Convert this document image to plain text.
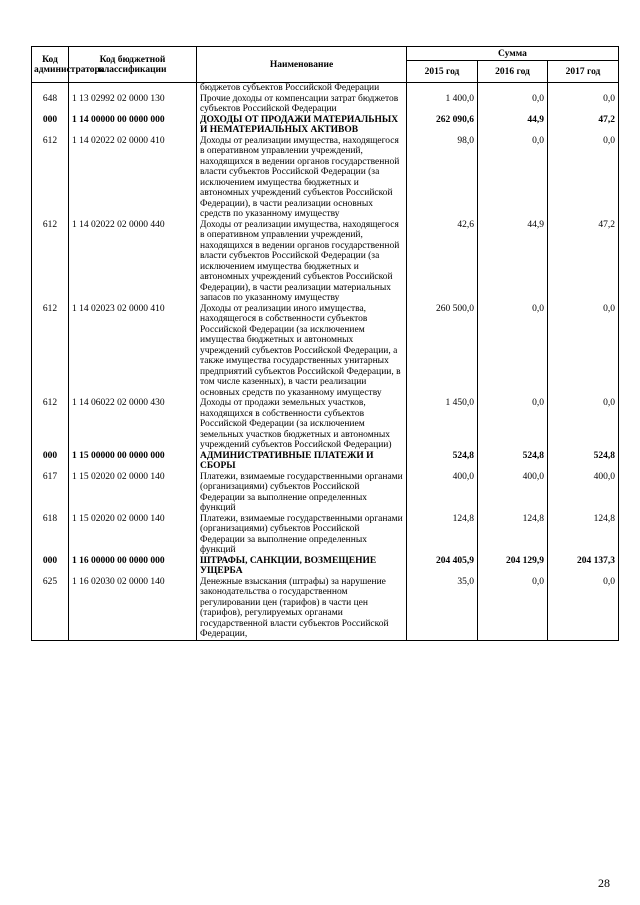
Код администратора	Код бюджетной классификации	Наименование	Сумма		
			2015 год	2016 год	2017 год
		бюджетов субъектов Российской Федерации			
648	1 13 02992 02 0000 130	Прочие доходы от компенсации затрат бюджетов субъектов Российской Федерации	1 400,0	0,0	0,0
000	1 14 00000 00 0000 000	ДОХОДЫ ОТ ПРОДАЖИ МАТЕРИАЛЬНЫХ И НЕМАТЕРИАЛЬНЫХ АКТИВОВ	262 090,6	44,9	47,2
612	1 14 02022 02 0000 410	Доходы от реализации имущества, находящегося в оперативном управлении учреждений, находящихся в ведении органов государственной власти субъектов Российской Федерации (за исключением имущества бюджетных и автономных учреждений субъектов Российской Федерации), в части реализации основных средств по указанному имуществу	98,0	0,0	0,0
612	1 14 02022 02 0000 440	Доходы от реализации имущества, находящегося в оперативном управлении учреждений, находящихся в ведении органов государственной власти субъектов Российской Федерации (за исключением имущества бюджетных и автономных учреждений субъектов Российской Федерации), в части реализации материальных запасов по указанному имуществу	42,6	44,9	47,2
612	1 14 02023 02 0000 410	Доходы от реализации иного имущества, находящегося в собственности субъектов Российской Федерации (за исключением имущества бюджетных и автономных учреждений субъектов Российской Федерации, а также имущества государственных унитарных предприятий субъектов Российской Федерации, в том числе казенных), в части реализации основных средств по указанному имуществу	260 500,0	0,0	0,0
612	1 14 06022 02 0000 430	Доходы от продажи земельных участков, находящихся в собственности субъектов Российской Федерации (за исключением земельных участков бюджетных и автономных учреждений субъектов Российской Федерации)	1 450,0	0,0	0,0
000	1 15 00000 00 0000 000	АДМИНИСТРАТИВНЫЕ ПЛАТЕЖИ И СБОРЫ	524,8	524,8	524,8
617	1 15 02020 02 0000 140	Платежи, взимаемые государственными органами (организациями) субъектов Российской Федерации за выполнение определенных функций	400,0	400,0	400,0
618	1 15 02020 02 0000 140	Платежи, взимаемые государственными органами (организациями) субъектов Российской Федерации за выполнение определенных функций	124,8	124,8	124,8
000	1 16 00000 00 0000 000	ШТРАФЫ, САНКЦИИ, ВОЗМЕЩЕНИЕ УЩЕРБА	204 405,9	204 129,9	204 137,3
625	1 16 02030 02 0000 140	Денежные взыскания (штрафы) за нарушение законодательства о государственном регулировании цен (тарифов) в части цен (тарифов), регулируемых органами государственной власти субъектов Российской Федерации,	35,0	0,0	0,0
28
